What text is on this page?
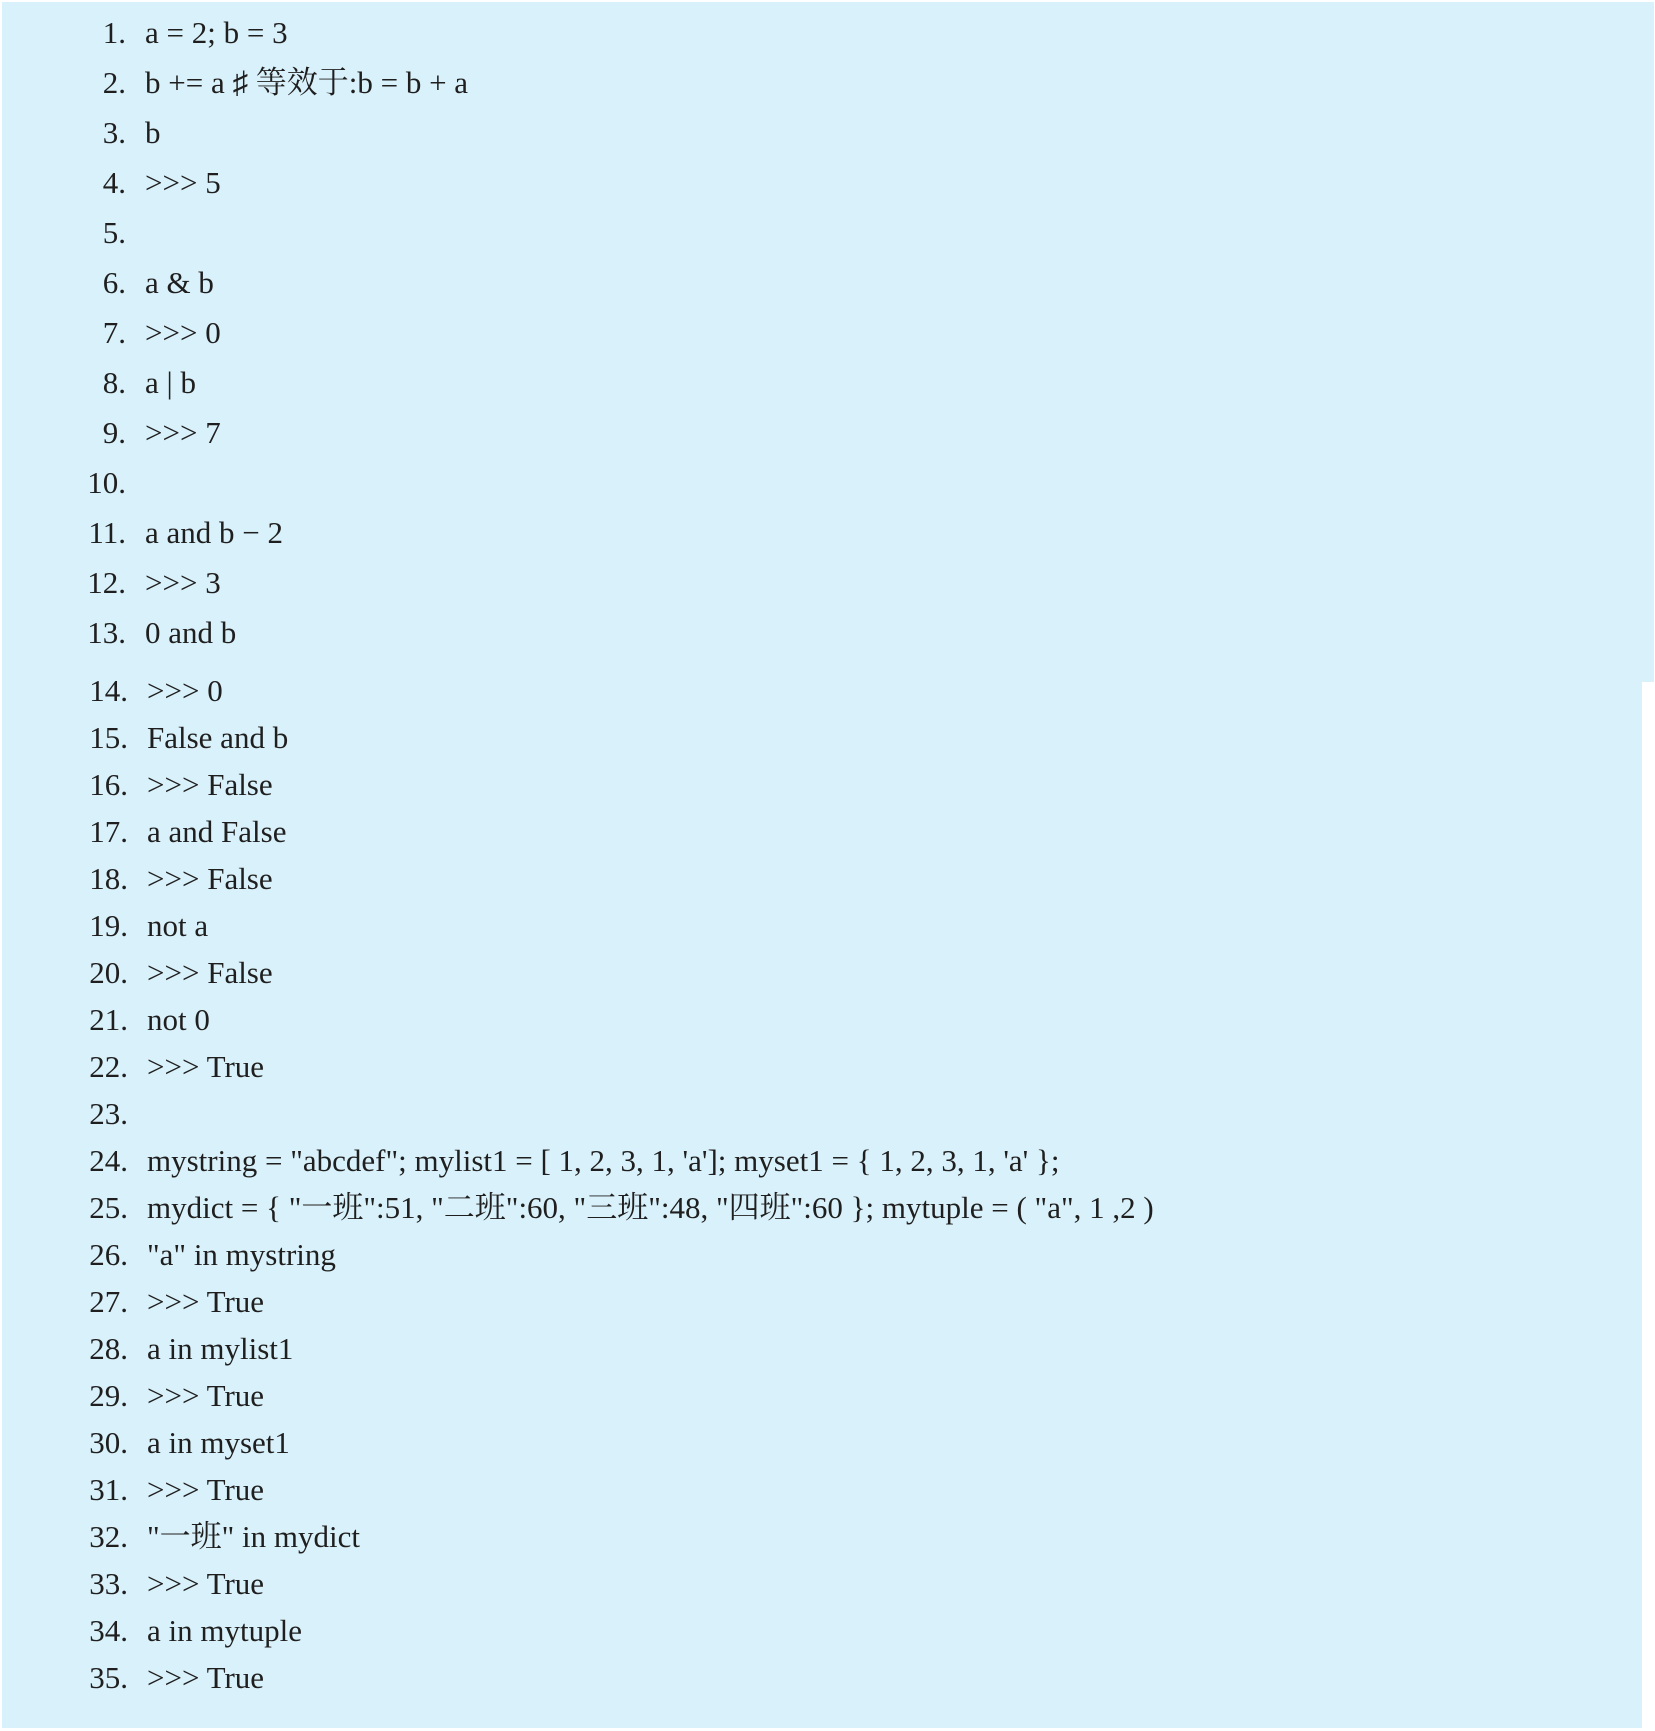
1. a = 2; b = 3
2. b += a ♯ 等效于:b = b + a
3. b
4. >>> 5
5.
6. a & b
7. >>> 0
8. a | b
9. >>> 7
10.
11. a and b − 2
12. >>> 3
13. 0 and b
14. >>> 0
15. False and b
16. >>> False
17. a and False
18. >>> False
19. not a
20. >>> False
21. not 0
22. >>> True
23.
24. mystring = "abcdef"; mylist1 = [ 1, 2, 3, 1, 'a']; myset1 = { 1, 2, 3, 1, 'a' };
25. mydict = { "一班":51, "二班":60, "三班":48, "四班":60 }; mytuple = ( "a", 1 ,2 )
26. "a" in mystring
27. >>> True
28. a in mylist1
29. >>> True
30. a in myset1
31. >>> True
32. "一班" in mydict
33. >>> True
34. a in mytuple
35. >>> True
